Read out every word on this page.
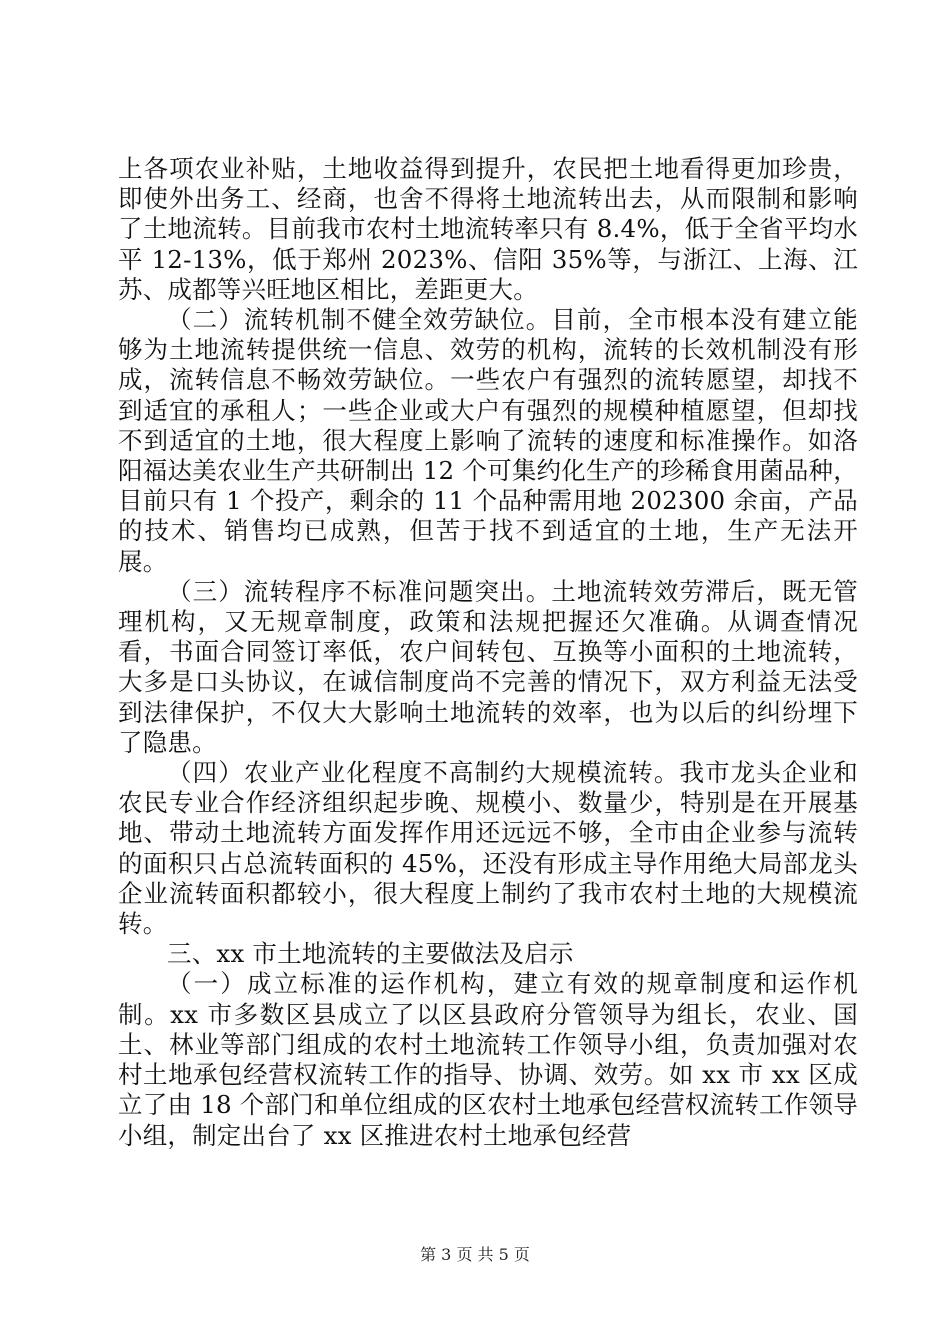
上各项农业补贴，土地收益得到提升，农民把土地看得更加珍贵，即使外出务工、经商，也舍不得将土地流转出去，从而限制和影响了土地流转。目前我市农村土地流转率只有 8.4%，低于全省平均水平 12-13%，低于郑州 2023%、信阳 35%等，与浙江、上海、江苏、成都等兴旺地区相比，差距更大。

（二）流转机制不健全效劳缺位。目前，全市根本没有建立能够为土地流转提供统一信息、效劳的机构，流转的长效机制没有形成，流转信息不畅效劳缺位。一些农户有强烈的流转愿望，却找不到适宜的承租人；一些企业或大户有强烈的规模种植愿望，但却找不到适宜的土地，很大程度上影响了流转的速度和标准操作。如洛阳福达美农业生产共研制出 12 个可集约化生产的珍稀食用菌品种，目前只有 1 个投产，剩余的 11 个品种需用地 202300 余亩，产品的技术、销售均已成熟，但苦于找不到适宜的土地，生产无法开展。

（三）流转程序不标准问题突出。土地流转效劳滞后，既无管理机构，又无规章制度，政策和法规把握还欠准确。从调查情况看，书面合同签订率低，农户间转包、互换等小面积的土地流转，大多是口头协议，在诚信制度尚不完善的情况下，双方利益无法受到法律保护，不仅大大影响土地流转的效率，也为以后的纠纷埋下了隐患。

（四）农业产业化程度不高制约大规模流转。我市龙头企业和农民专业合作经济组织起步晚、规模小、数量少，特别是在开展基地、带动土地流转方面发挥作用还远远不够，全市由企业参与流转的面积只占总流转面积的 45%，还没有形成主导作用绝大局部龙头企业流转面积都较小，很大程度上制约了我市农村土地的大规模流转。

三、xx 市土地流转的主要做法及启示

（一）成立标准的运作机构，建立有效的规章制度和运作机制。xx 市多数区县成立了以区县政府分管领导为组长，农业、国土、林业等部门组成的农村土地流转工作领导小组，负责加强对农村土地承包经营权流转工作的指导、协调、效劳。如 xx 市 xx 区成立了由 18 个部门和单位组成的区农村土地承包经营权流转工作领导小组，制定出台了 xx 区推进农村土地承包经营

第 3 页 共 5 页
